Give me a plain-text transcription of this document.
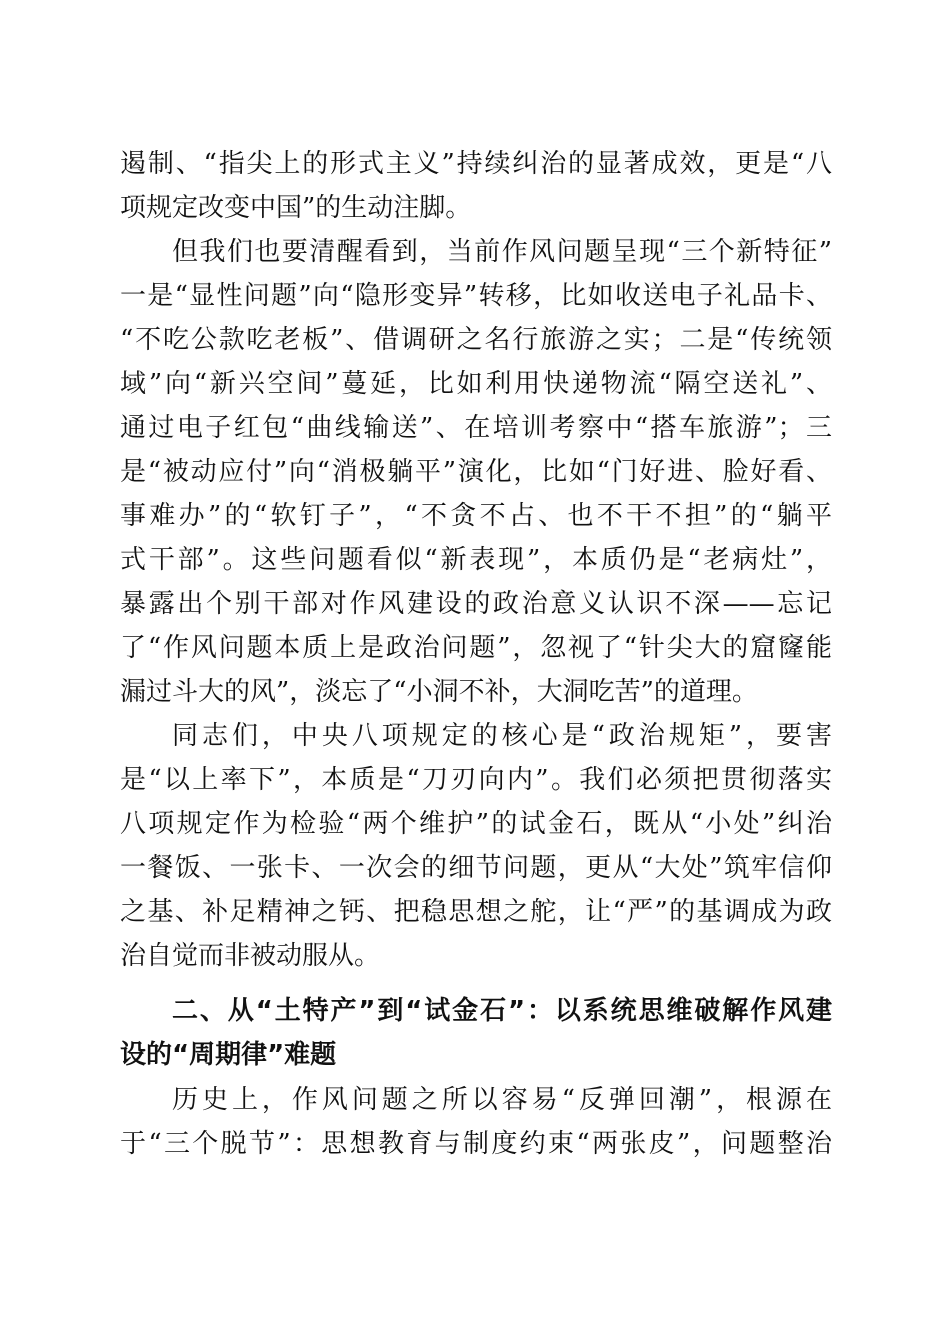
遏制、“指尖上的形式主义”持续纠治的显著成效，更是“八
项规定改变中国”的生动注脚。
但我们也要清醒看到，当前作风问题呈现“三个新特征”
一是“显性问题”向“隐形变异”转移，比如收送电子礼品卡、
“不吃公款吃老板”、借调研之名行旅游之实；二是“传统领
域”向“新兴空间”蔓延，比如利用快递物流“隔空送礼”、
通过电子红包“曲线输送”、在培训考察中“搭车旅游”；三
是“被动应付”向“消极躺平”演化，比如“门好进、脸好看、
事难办”的“软钉子”，“不贪不占、也不干不担”的“躺平
式干部”。这些问题看似“新表现”，本质仍是“老病灶”，
暴露出个别干部对作风建设的政治意义认识不深——忘记
了“作风问题本质上是政治问题”，忽视了“针尖大的窟窿能
漏过斗大的风”，淡忘了“小洞不补，大洞吃苦”的道理。
同志们，中央八项规定的核心是“政治规矩”，要害
是“以上率下”，本质是“刀刃向内”。我们必须把贯彻落实
八项规定作为检验“两个维护”的试金石，既从“小处”纠治
一餐饭、一张卡、一次会的细节问题，更从“大处”筑牢信仰
之基、补足精神之钙、把稳思想之舵，让“严”的基调成为政
治自觉而非被动服从。
二、从“土特产”到“试金石”：以系统思维破解作风建
设的“周期律”难题
历史上，作风问题之所以容易“反弹回潮”，根源在
于“三个脱节”：思想教育与制度约束“两张皮”，问题整治
